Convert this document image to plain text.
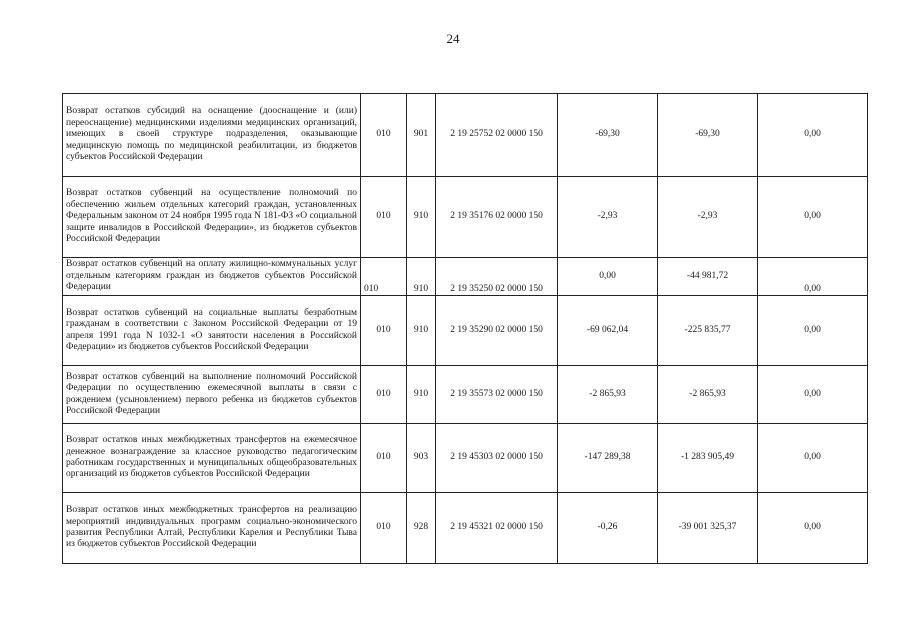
24
Возврат остатков субсидий на оснащение (дооснащение и (или) переоснащение) медицинскими изделиями медицинских организаций, имеющих в своей структуре подразделения, оказывающие медицинскую помощь по медицинской реабилитации, из бюджетов субъектов Российской Федерации	010	901	2 19 25752 02 0000 150	-69,30	-69,30	0,00
Возврат остатков субвенций на осуществление полномочий по обеспечению жильем отдельных категорий граждан, установленных Федеральным законом от 24 ноября 1995 года N 181-ФЗ «О социальной защите инвалидов в Российской Федерации», из бюджетов субъектов Российской Федерации	010	910	2 19 35176 02 0000 150	-2,93	-2,93	0,00
Возврат остатков субвенций на оплату жилищно-коммунальных услуг отдельным категориям граждан из бюджетов субъектов Российской Федерации	010	910	2 19 35250 02 0000 150	0,00	-44 981,72	0,00
Возврат остатков субвенций на социальные выплаты безработным гражданам в соответствии с Законом Российской Федерации от 19 апреля 1991 года N 1032-1 «О занятости населения в Российской Федерации» из бюджетов субъектов Российской Федерации	010	910	2 19 35290 02 0000 150	-69 062,04	-225 835,77	0,00
Возврат остатков субвенций на выполнение полномочий Российской Федерации по осуществлению ежемесячной выплаты в связи с рождением (усыновлением) первого ребенка из бюджетов субъектов Российской Федерации	010	910	2 19 35573 02 0000 150	-2 865,93	-2 865,93	0,00
Возврат остатков иных межбюджетных трансфертов на ежемесячное денежное вознаграждение за классное руководство педагогическим работникам государственных и муниципальных общеобразовательных организаций из бюджетов субъектов Российской Федерации	010	903	2 19 45303 02 0000 150	-147 289,38	-1 283 905,49	0,00
Возврат остатков иных межбюджетных трансфертов на реализацию мероприятий индивидуальных программ социально-экономического развития Республики Алтай, Республики Карелия и Республики Тыва из бюджетов субъектов Российской Федерации	010	928	2 19 45321 02 0000 150	-0,26	-39 001 325,37	0,00
